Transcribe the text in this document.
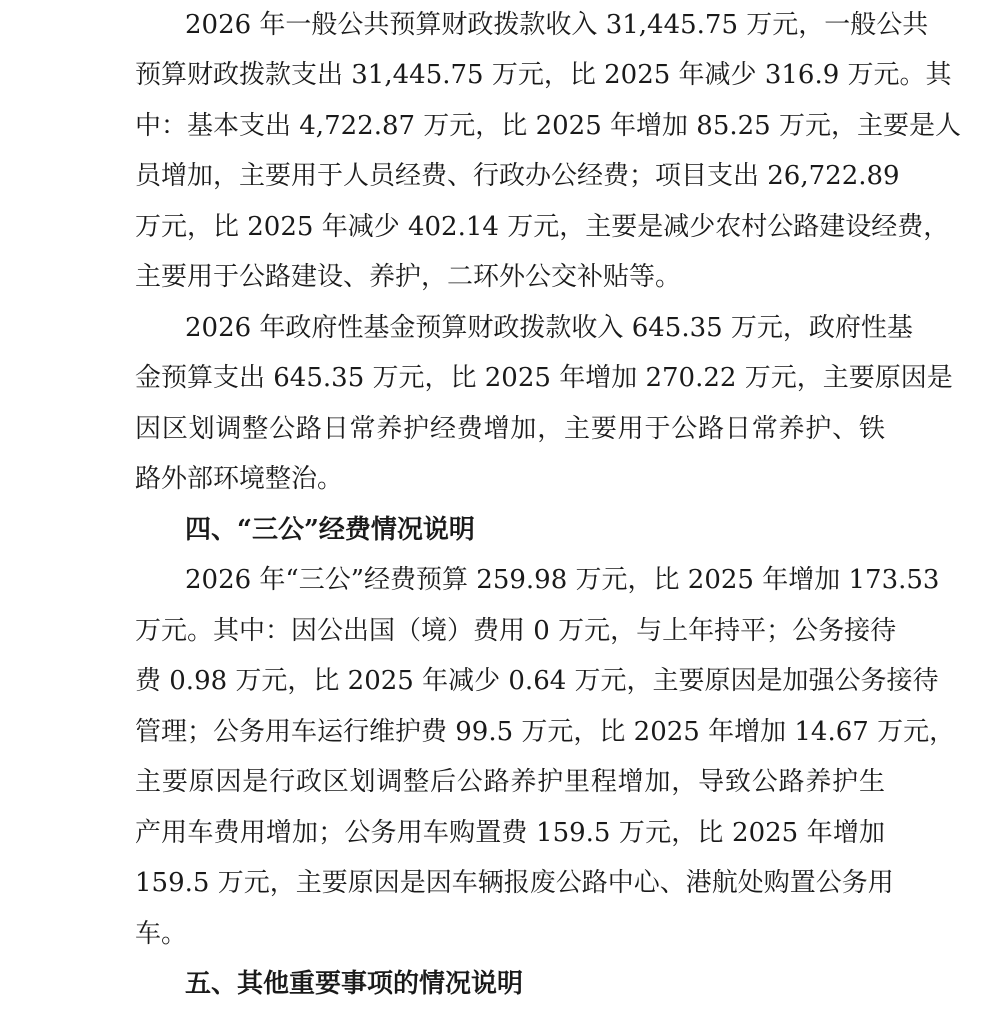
2026 年一般公共预算财政拨款收入 31,445.75 万元，一般公共
预算财政拨款支出 31,445.75 万元，比 2025 年减少 316.9 万元。其
中：基本支出 4,722.87 万元，比 2025 年增加 85.25 万元，主要是人
员增加，主要用于人员经费、行政办公经费；项目支出 26,722.89
万元，比 2025 年减少 402.14 万元，主要是减少农村公路建设经费，
主要用于公路建设、养护，二环外公交补贴等。
2026 年政府性基金预算财政拨款收入 645.35 万元，政府性基
金预算支出 645.35 万元，比 2025 年增加 270.22 万元，主要原因是
因区划调整公路日常养护经费增加，主要用于公路日常养护、铁
路外部环境整治。
四、“三公”经费情况说明
2026 年“三公”经费预算 259.98 万元，比 2025 年增加 173.53
万元。其中：因公出国（境）费用 0 万元，与上年持平；公务接待
费 0.98 万元，比 2025 年减少 0.64 万元，主要原因是加强公务接待
管理；公务用车运行维护费 99.5 万元，比 2025 年增加 14.67 万元，
主要原因是行政区划调整后公路养护里程增加，导致公路养护生
产用车费用增加；公务用车购置费 159.5 万元，比 2025 年增加
159.5 万元，主要原因是因车辆报废公路中心、港航处购置公务用
车。
五、其他重要事项的情况说明
